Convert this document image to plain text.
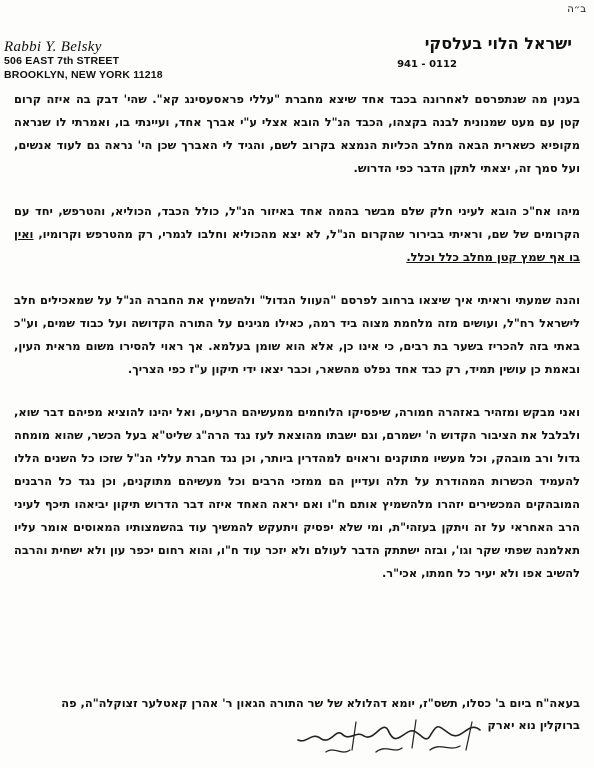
ב״ה
Rabbi Y. Belsky
506 EAST 7th STREET
BROOKLYN, NEW YORK 11218
ישראל הלוי בעלסקי
941 - 0112

בענין מה שנתפרסם לאחרונה בכבד אחד שיצא מחברת "עללי פראסעסינג קא". שהי' דבק בה איזה קרום קטן עם מעט שמנונית לבנה בקצהו, הכבד הנ"ל הובא אצלי ע"י אברך אחד, ועיינתי בו, ואמרתי לו שנראה מקופיא כשארית הבאה מחלב הכליות הנמצא בקרוב לשם, והגיד לי האברך שכן הי' נראה גם לעוד אנשים, ועל סמך זה, יצאתי לתקן הדבר כפי הדרוש.

מיהו אח"כ הובא לעיני חלק שלם מבשר בהמה אחד באיזור הנ"ל, כולל הכבד, הכוליא, והטרפש, יחד עם הקרומים של שם, וראיתי בבירור שהקרום הנ"ל, לא יצא מהכוליא וחלבו לגמרי, רק מהטרפש וקרומיו, ואין בו אף שמץ קטן מחלב כלל וכלל.

והנה שמעתי וראיתי איך שיצאו ברחוב לפרסם "העוול הגדול" ולהשמיץ את החברה הנ"ל על שמאכילים חלב לישראל רח"ל, ועושים מזה מלחמת מצוה ביד רמה, כאילו מגינים על התורה הקדושה ועל כבוד שמים, וע"כ באתי בזה להכריז בשער בת רבים, כי אינו כן, אלא הוא שומן בעלמא. אך ראוי להסירו משום מראית העין, ובאמת כן עושין תמיד, רק כבד אחד נפלט מהשאר, וכבר יצאו ידי תיקון ע"ז כפי הצריך.

ואני מבקש ומזהיר באזהרה חמורה, שיפסיקו הלוחמים ממעשיהם הרעים, ואל יהינו להוציא מפיהם דבר שוא, ולבלבל את הציבור הקדוש ה' ישמרם, וגם ישבתו מהוצאת לעז נגד הרה"ג שליט"א בעל הכשר, שהוא מומחה גדול ורב מובהק, וכל מעשיו מתוקנים וראוים למהדרין ביותר, וכן נגד חברת עללי הנ"ל שזכו כל השנים הללו להעמיד הכשרות המהודרת על תלה ועדיין הם ממזכי הרבים וכל מעשיהם מתוקנים, וכן נגד כל הרבנים המובהקים המכשירים יזהרו מלהשמיץ אותם ח"ו ואם יראה האחד איזה דבר הדרוש תיקון יביאהו תיכף לעיני הרב האחראי על זה ויתקן בעזהי"ת, ומי שלא יפסיק ויתעקש להמשיך עוד בהשמצותיו המאוסים אומר עליו תאלמנה שפתי שקר וגו', ובזה ישתתק הדבר לעולם ולא יזכר עוד ח"ו, והוא רחום יכפר עון ולא ישחית והרבה להשיב אפו ולא יעיר כל חמתו, אכי"ר.

בעאה"ח ביום ב' כסלו, תשס"ז, יומא דהלולא של שר התורה הגאון ר' אהרן קאטלער זצוקלה"ה, פה
ברוקלין נוא יארק
